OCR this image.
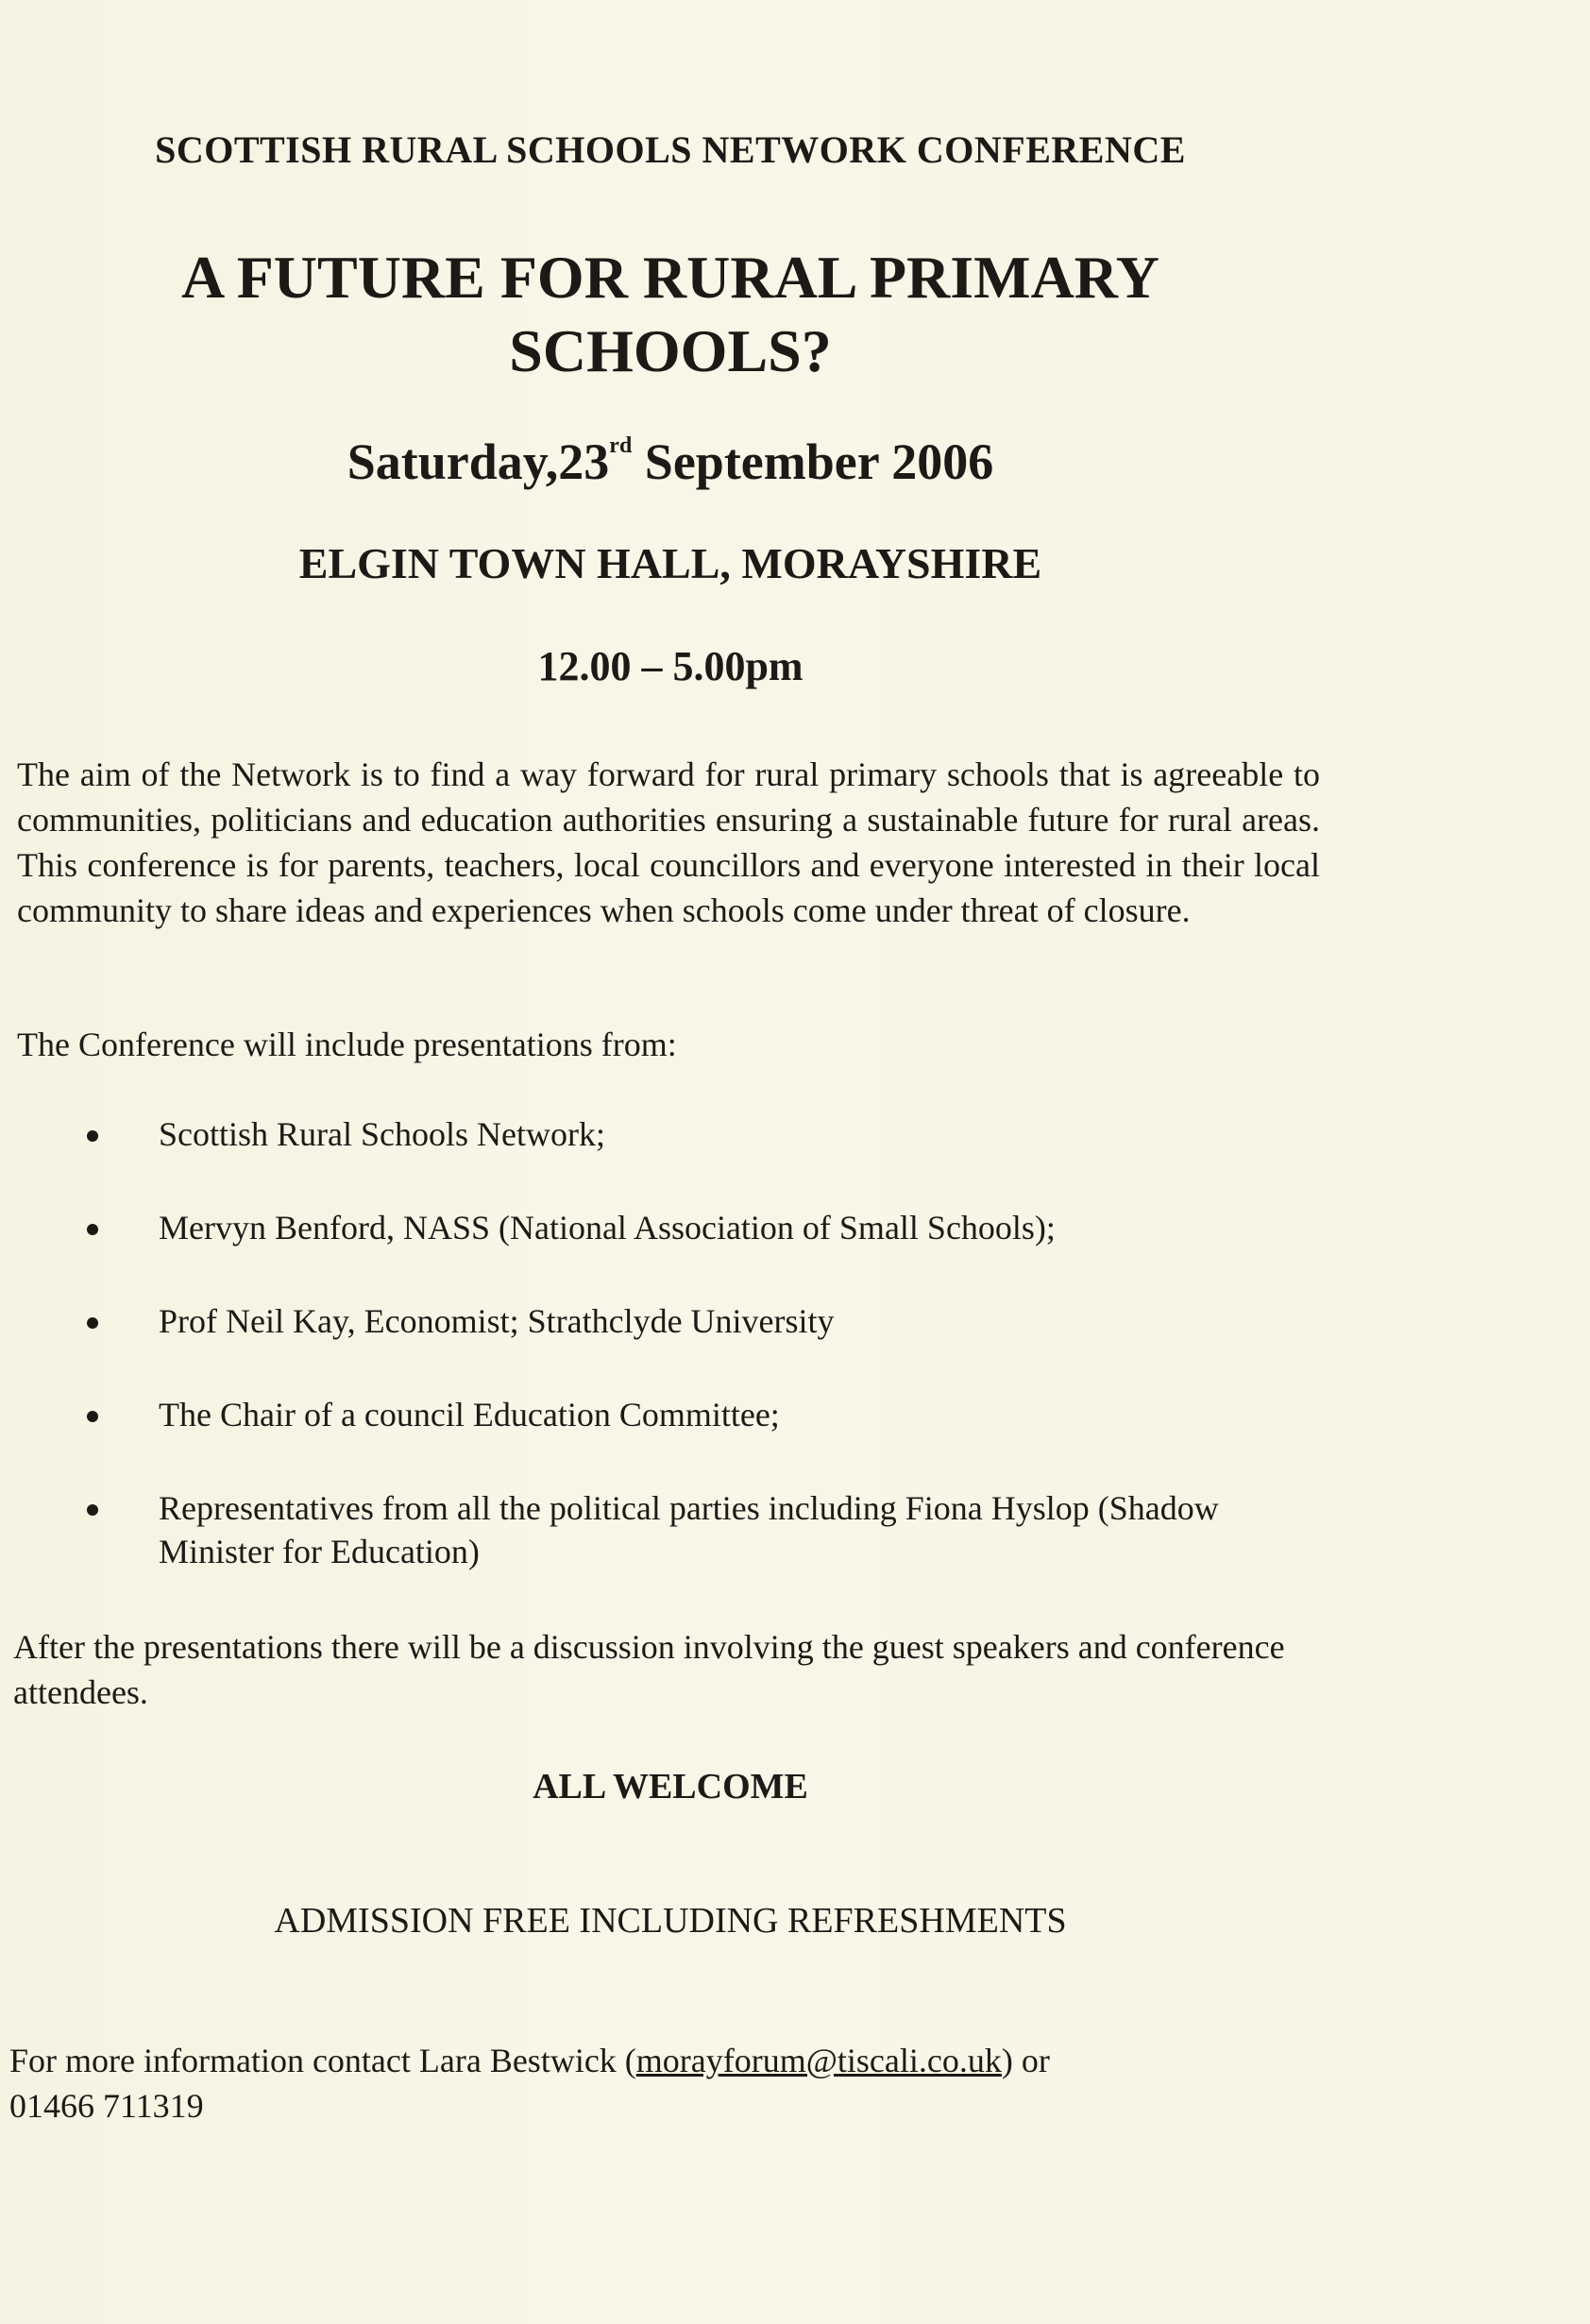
SCOTTISH RURAL SCHOOLS NETWORK CONFERENCE
A FUTURE FOR RURAL PRIMARY
SCHOOLS?
Saturday,23rd September 2006
ELGIN TOWN HALL, MORAYSHIRE
12.00 – 5.00pm

The aim of the Network is to find a way forward for rural primary schools that is agreeable to communities, politicians and education authorities ensuring a sustainable future for rural areas. This conference is for parents, teachers, local councillors and everyone interested in their local community to share ideas and experiences when schools come under threat of closure.

The Conference will include presentations from:

Scottish Rural Schools Network;
Mervyn Benford, NASS (National Association of Small Schools);
Prof Neil Kay, Economist; Strathclyde University
The Chair of a council Education Committee;
Representatives from all the political parties including Fiona Hyslop (Shadow Minister for Education)

After the presentations there will be a discussion involving the guest speakers and conference attendees.

ALL WELCOME
ADMISSION FREE INCLUDING REFRESHMENTS

For more information contact Lara Bestwick (morayforum@tiscali.co.uk) or
01466 711319
